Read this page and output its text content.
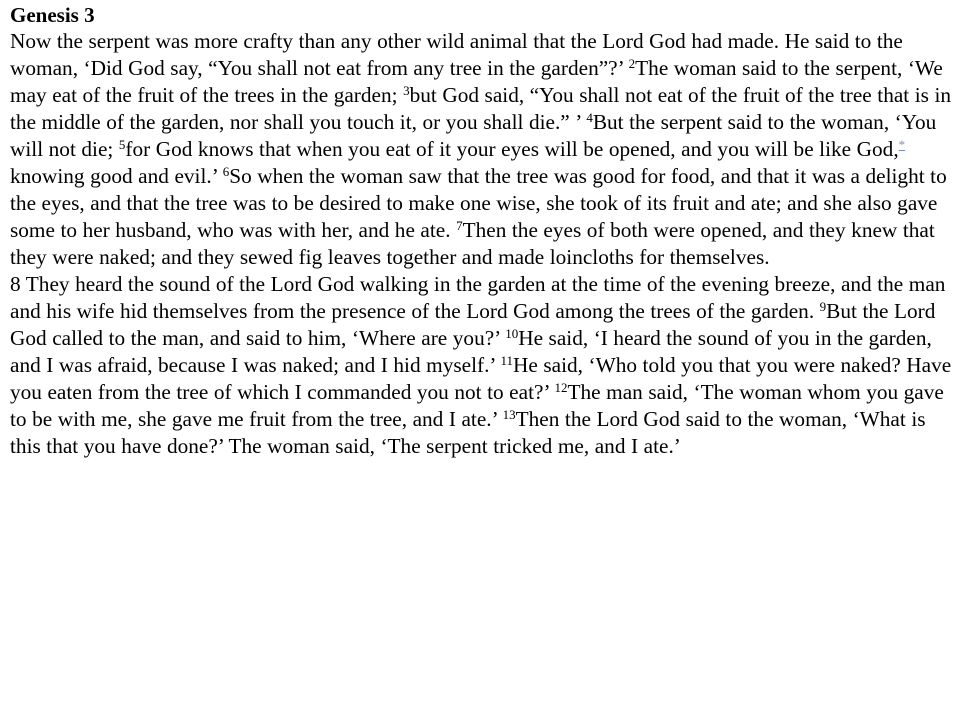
Genesis 3

Now the serpent was more crafty than any other wild animal that the Lord God had made. He said to the woman, ‘Did God say, “You shall not eat from any tree in the garden”?’ $^2$The woman said to the serpent, ‘We may eat of the fruit of the trees in the garden; $^3$but God said, “You shall not eat of the fruit of the tree that is in the middle of the garden, nor shall you touch it, or you shall die.” ’ $^4$But the serpent said to the woman, ‘You will not die; $^5$for God knows that when you eat of it your eyes will be opened, and you will be like God,* knowing good and evil.’ $^6$So when the woman saw that the tree was good for food, and that it was a delight to the eyes, and that the tree was to be desired to make one wise, she took of its fruit and ate; and she also gave some to her husband, who was with her, and he ate. $^7$Then the eyes of both were opened, and they knew that they were naked; and they sewed fig leaves together and made loincloths for themselves.

8 They heard the sound of the Lord God walking in the garden at the time of the evening breeze, and the man and his wife hid themselves from the presence of the Lord God among the trees of the garden. $^9$But the Lord God called to the man, and said to him, ‘Where are you?’ $^{10}$He said, ‘I heard the sound of you in the garden, and I was afraid, because I was naked; and I hid myself.’ $^{11}$He said, ‘Who told you that you were naked? Have you eaten from the tree of which I commanded you not to eat?’ $^{12}$The man said, ‘The woman whom you gave to be with me, she gave me fruit from the tree, and I ate.’ $^{13}$Then the Lord God said to the woman, ‘What is this that you have done?’ The woman said, ‘The serpent tricked me, and I ate.’
